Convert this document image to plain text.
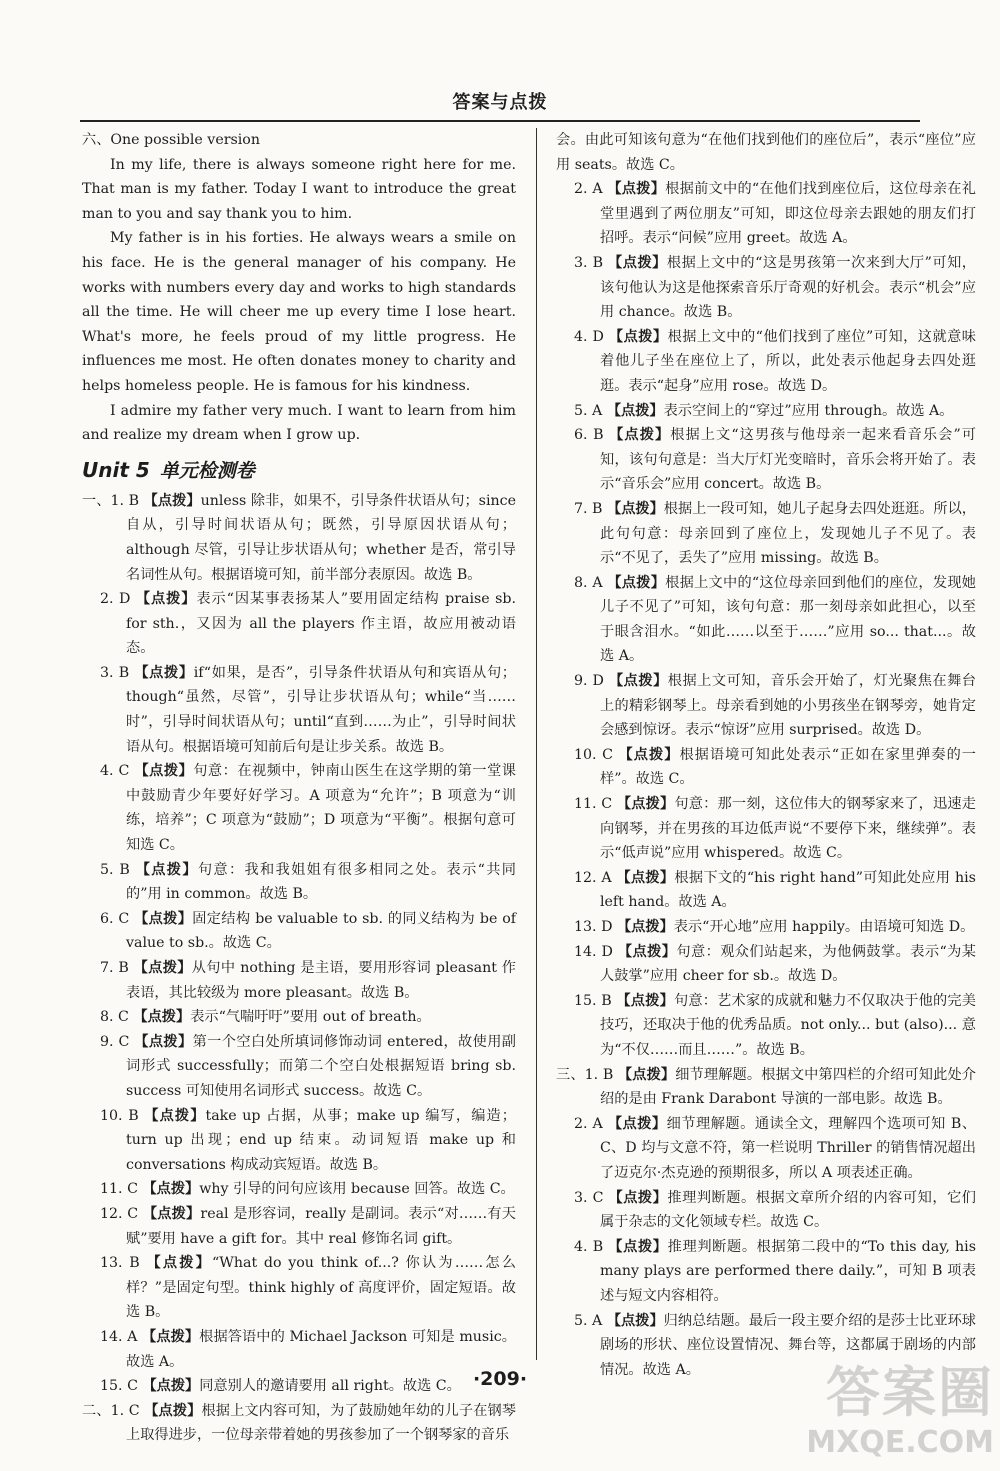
答案与点拨

六、One possible version

In my life, there is always someone right here for me. That man is my father. Today I want to introduce the great man to you and say thank you to him.

My father is in his forties. He always wears a smile on his face. He is the general manager of his company. He works with numbers every day and works to high standards all the time. He will cheer me up every time I lose heart. What's more, he feels proud of my little progress. He influences me most. He often donates money to charity and helps homeless people. He is famous for his kindness.

I admire my father very much. I want to learn from him and realize my dream when I grow up.

Unit 5 单元检测卷

一、1. B 【点拨】unless 除非，如果不，引导条件状语从句；since 自从，引导时间状语从句；既然，引导原因状语从句；although 尽管，引导让步状语从句；whether 是否，常引导名词性从句。根据语境可知，前半部分表原因。故选 B。

2. D 【点拨】表示“因某事表扬某人”要用固定结构 praise sb. for sth.，又因为 all the players 作主语，故应用被动语态。

3. B 【点拨】if“如果，是否”，引导条件状语从句和宾语从句；though“虽然，尽管”，引导让步状语从句；while“当……时”，引导时间状语从句；until“直到……为止”，引导时间状语从句。根据语境可知前后句是让步关系。故选 B。

4. C 【点拨】句意：在视频中，钟南山医生在这学期的第一堂课中鼓励青少年要好好学习。A 项意为“允许”；B 项意为“训练，培养”；C 项意为“鼓励”；D 项意为“平衡”。根据句意可知选 C。

5. B 【点拨】句意：我和我姐姐有很多相同之处。表示“共同的”用 in common。故选 B。

6. C 【点拨】固定结构 be valuable to sb. 的同义结构为 be of value to sb.。故选 C。

7. B 【点拨】从句中 nothing 是主语，要用形容词 pleasant 作表语，其比较级为 more pleasant。故选 B。

8. C 【点拨】表示“气喘吁吁”要用 out of breath。

9. C 【点拨】第一个空白处所填词修饰动词 entered，故使用副词形式 successfully；而第二个空白处根据短语 bring sb. success 可知使用名词形式 success。故选 C。

10. B 【点拨】take up 占据，从事；make up 编写，编造；turn up 出现；end up 结束。动词短语 make up 和 conversations 构成动宾短语。故选 B。

11. C 【点拨】why 引导的问句应该用 because 回答。故选 C。

12. C 【点拨】real 是形容词，really 是副词。表示“对……有天赋”要用 have a gift for。其中 real 修饰名词 gift。

13. B 【点拨】“What do you think of...? 你认为……怎么样？”是固定句型。think highly of 高度评价，固定短语。故选 B。

14. A 【点拨】根据答语中的 Michael Jackson 可知是 music。故选 A。

15. C 【点拨】同意别人的邀请要用 all right。故选 C。

二、1. C 【点拨】根据上文内容可知，为了鼓励她年幼的儿子在钢琴上取得进步，一位母亲带着她的男孩参加了一个钢琴家的音乐

会。由此可知该句意为“在他们找到他们的座位后”，表示“座位”应用 seats。故选 C。

2. A 【点拨】根据前文中的“在他们找到座位后，这位母亲在礼堂里遇到了两位朋友”可知，即这位母亲去跟她的朋友们打招呼。表示“问候”应用 greet。故选 A。

3. B 【点拨】根据上文中的“这是男孩第一次来到大厅”可知，该句他认为这是他探索音乐厅奇观的好机会。表示“机会”应用 chance。故选 B。

4. D 【点拨】根据上文中的“他们找到了座位”可知，这就意味着他儿子坐在座位上了，所以，此处表示他起身去四处逛逛。表示“起身”应用 rose。故选 D。

5. A 【点拨】表示空间上的“穿过”应用 through。故选 A。

6. B 【点拨】根据上文“这男孩与他母亲一起来看音乐会”可知，该句句意是：当大厅灯光变暗时，音乐会将开始了。表示“音乐会”应用 concert。故选 B。

7. B 【点拨】根据上一段可知，她儿子起身去四处逛逛。所以，此句句意：母亲回到了座位上，发现她儿子不见了。表示“不见了，丢失了”应用 missing。故选 B。

8. A 【点拨】根据上文中的“这位母亲回到他们的座位，发现她儿子不见了”可知，该句句意：那一刻母亲如此担心，以至于眼含泪水。“如此……以至于……”应用 so... that...。故选 A。

9. D 【点拨】根据上文可知，音乐会开始了，灯光聚焦在舞台上的精彩钢琴上。母亲看到她的小男孩坐在钢琴旁，她肯定会感到惊讶。表示“惊讶”应用 surprised。故选 D。

10. C 【点拨】根据语境可知此处表示“正如在家里弹奏的一样”。故选 C。

11. C 【点拨】句意：那一刻，这位伟大的钢琴家来了，迅速走向钢琴，并在男孩的耳边低声说“不要停下来，继续弹”。表示“低声说”应用 whispered。故选 C。

12. A 【点拨】根据下文的“his right hand”可知此处应用 his left hand。故选 A。

13. D 【点拨】表示“开心地”应用 happily。由语境可知选 D。

14. D 【点拨】句意：观众们站起来，为他俩鼓掌。表示“为某人鼓掌”应用 cheer for sb.。故选 D。

15. B 【点拨】句意：艺术家的成就和魅力不仅取决于他的完美技巧，还取决于他的优秀品质。not only... but (also)... 意为“不仅……而且……”。故选 B。

三、1. B 【点拨】细节理解题。根据文中第四栏的介绍可知此处介绍的是由 Frank Darabont 导演的一部电影。故选 B。

2. A 【点拨】细节理解题。通读全文，理解四个选项可知 B、C、D 均与文意不符，第一栏说明 Thriller 的销售情况超出了迈克尔·杰克逊的预期很多，所以 A 项表述正确。

3. C 【点拨】推理判断题。根据文章所介绍的内容可知，它们属于杂志的文化领域专栏。故选 C。

4. B 【点拨】推理判断题。根据第二段中的“To this day, his many plays are performed there daily.”，可知 B 项表述与短文内容相符。

5. A 【点拨】归纳总结题。最后一段主要介绍的是莎士比亚环球剧场的形状、座位设置情况、舞台等，这都属于剧场的内部情况。故选 A。

·209·	答案圈
MXQE.COM
